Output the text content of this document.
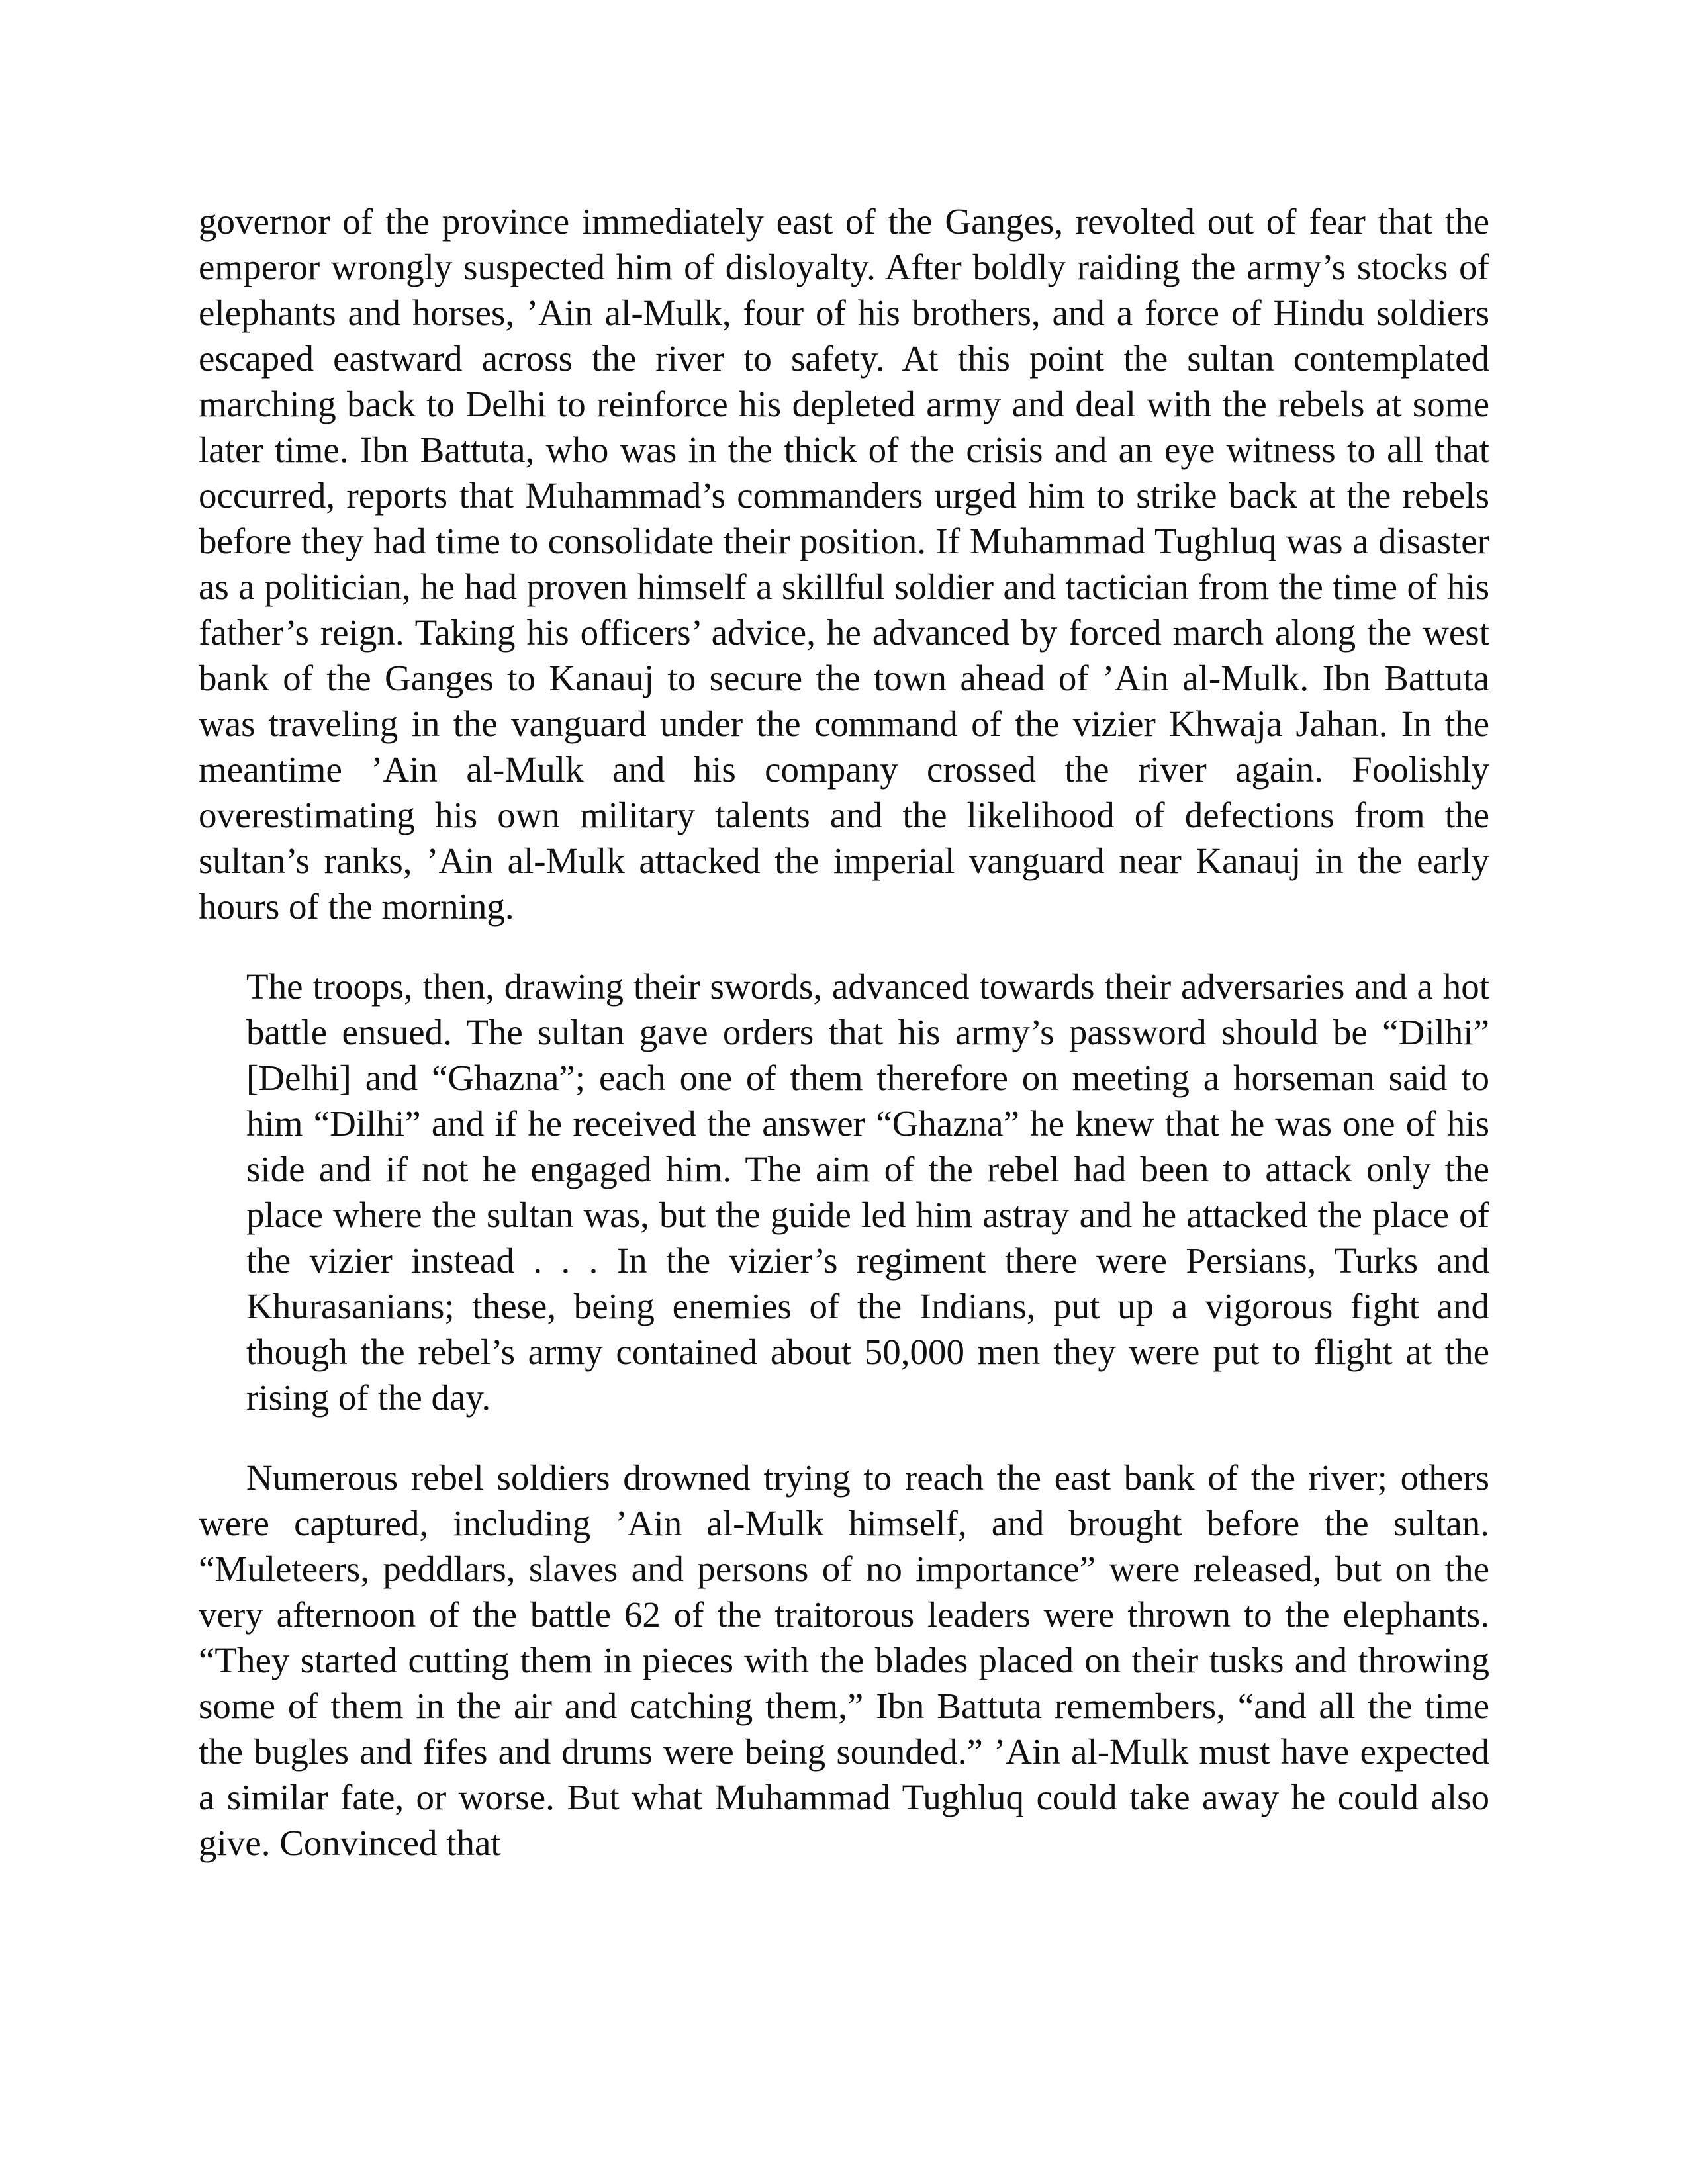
governor of the province immediately east of the Ganges, revolted out of fear that the emperor wrongly suspected him of disloyalty. After boldly raiding the army’s stocks of elephants and horses, ’Ain al-Mulk, four of his brothers, and a force of Hindu soldiers escaped eastward across the river to safety. At this point the sultan contemplated marching back to Delhi to reinforce his depleted army and deal with the rebels at some later time. Ibn Battuta, who was in the thick of the crisis and an eye witness to all that occurred, reports that Muhammad’s commanders urged him to strike back at the rebels before they had time to consolidate their position. If Muhammad Tughluq was a disaster as a politician, he had proven himself a skillful soldier and tactician from the time of his father’s reign. Taking his officers’ advice, he advanced by forced march along the west bank of the Ganges to Kanauj to secure the town ahead of ’Ain al-Mulk. Ibn Battuta was traveling in the vanguard under the command of the vizier Khwaja Jahan. In the meantime ’Ain al-Mulk and his company crossed the river again. Foolishly overestimating his own military talents and the likelihood of defections from the sultan’s ranks, ’Ain al-Mulk attacked the imperial vanguard near Kanauj in the early hours of the morning.

The troops, then, drawing their swords, advanced towards their adversaries and a hot battle ensued. The sultan gave orders that his army’s password should be “Dilhi” [Delhi] and “Ghazna”; each one of them therefore on meeting a horseman said to him “Dilhi” and if he received the answer “Ghazna” he knew that he was one of his side and if not he engaged him. The aim of the rebel had been to attack only the place where the sultan was, but the guide led him astray and he attacked the place of the vizier instead . . . In the vizier’s regiment there were Persians, Turks and Khurasanians; these, being enemies of the Indians, put up a vigorous fight and though the rebel’s army contained about 50,000 men they were put to flight at the rising of the day.

Numerous rebel soldiers drowned trying to reach the east bank of the river; others were captured, including ’Ain al-Mulk himself, and brought before the sultan. “Muleteers, peddlars, slaves and persons of no importance” were released, but on the very afternoon of the battle 62 of the traitorous leaders were thrown to the elephants. “They started cutting them in pieces with the blades placed on their tusks and throwing some of them in the air and catching them,” Ibn Battuta remembers, “and all the time the bugles and fifes and drums were being sounded.” ’Ain al-Mulk must have expected a similar fate, or worse. But what Muhammad Tughluq could take away he could also give. Convinced that
